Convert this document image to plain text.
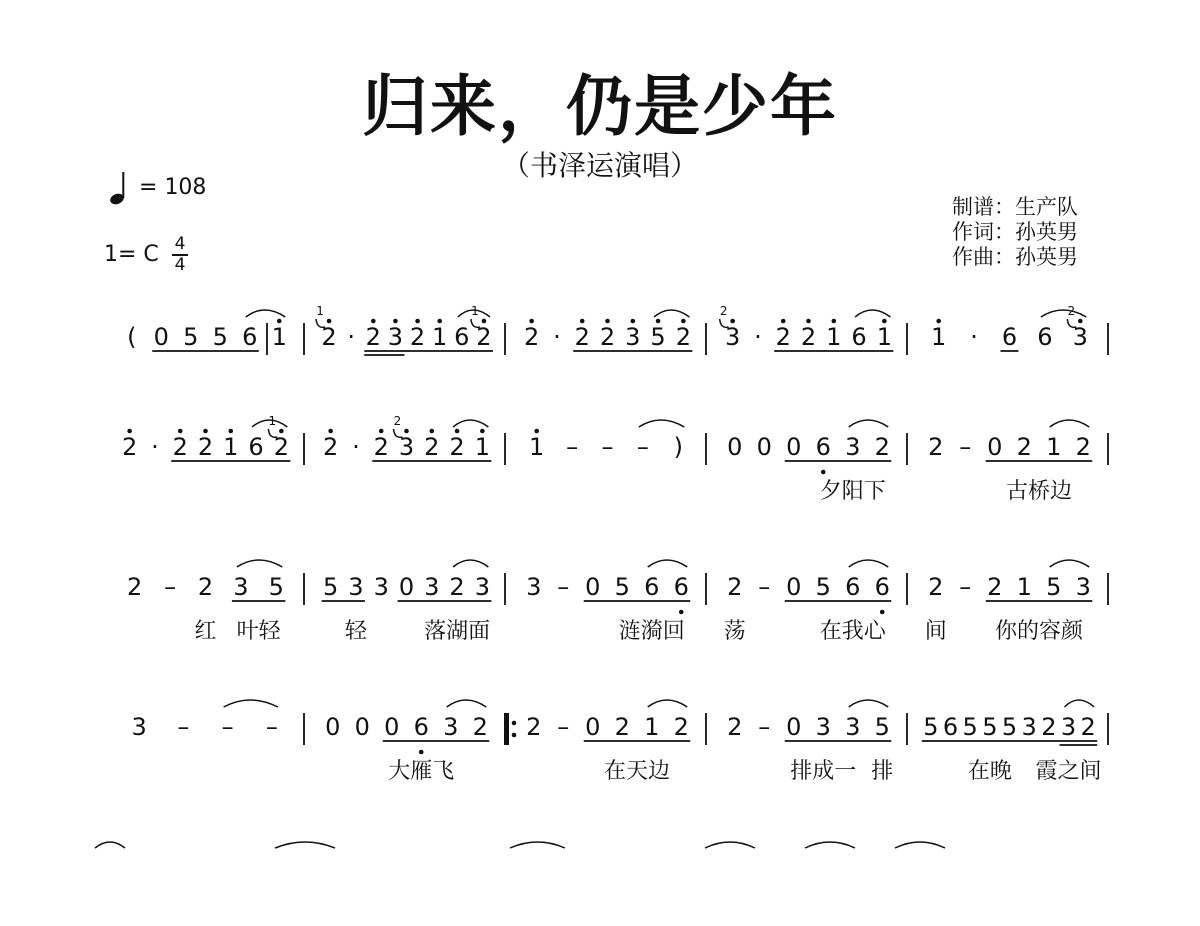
归来，仍是少年
（书泽运演唱）
= 108
1= C 4
4
制谱：生产队
作词：孙英男
作曲：孙英男
( 0 5 5 6 1 2
1
· 2 3 2 1 6 2
1
2 · 2 2 3 5 2 3
2
· 2 2 1 6 1 1 · 6 6 3
2
2 · 2 2 1 6 2
1
2 · 2 3
2
2 2 1 1 – – – ) 0 0 0 6 3 2 2 – 0 2 1 2
夕阳下	古桥边
2 – 2 3 5 5 3 3 0 3 2 3 3 – 0 5 6 6 2 – 0 5 6 6 2 – 2 1 5 3
红 叶轻	轻	落湖面	涟漪回 荡	在我心 间 你的容颜
3 – – – 0 0 0 6 3 2 2 – 0 2 1 2 2 – 0 3 3 5 5 6 5 5 5 3 2 3 2
大雁飞	在天边	排成一 排	在晚 霞之间
